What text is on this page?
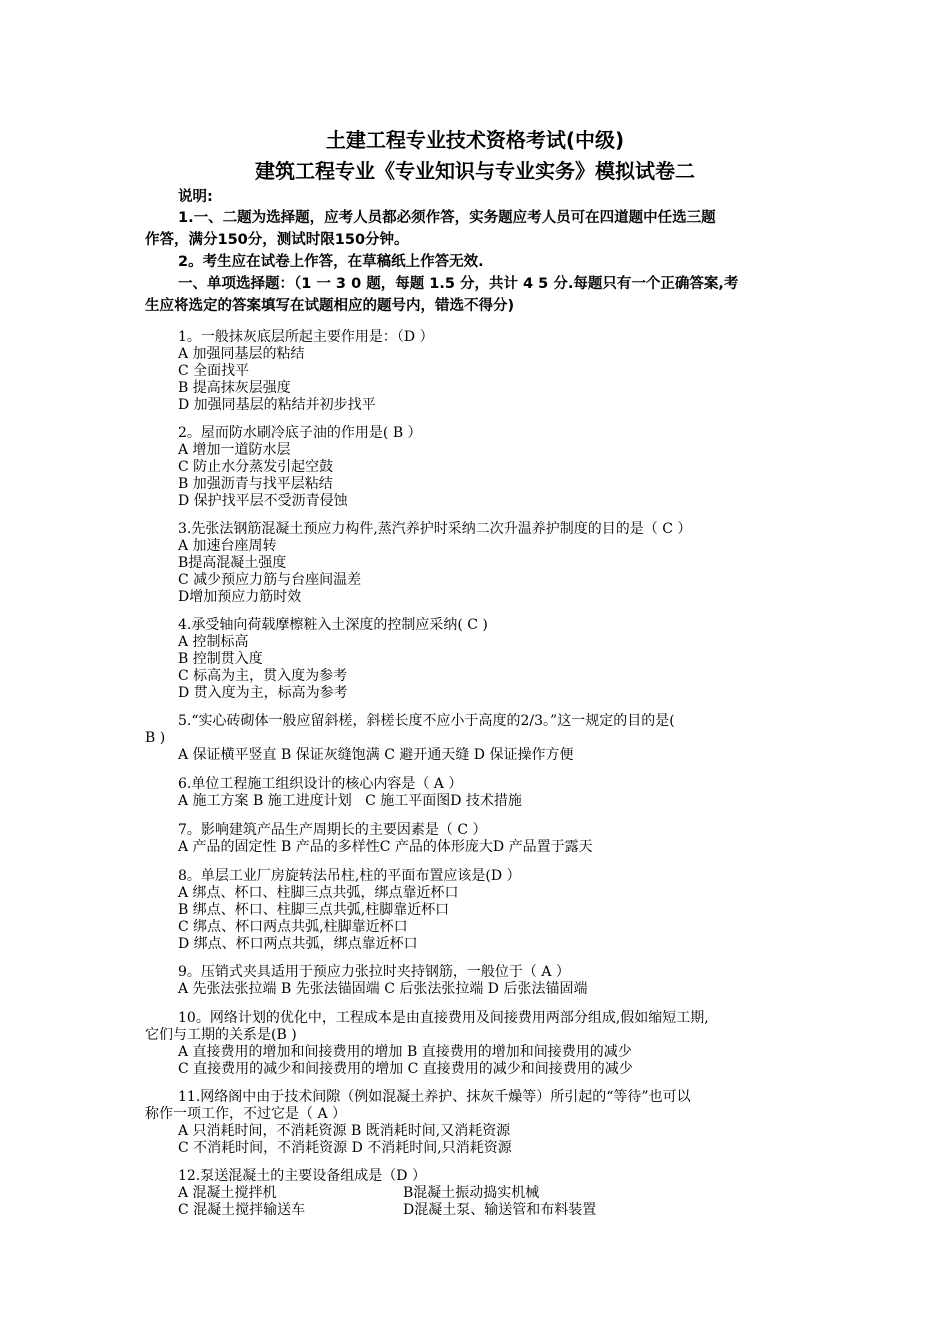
土建工程专业技术资格考试(中级)
建筑工程专业《专业知识与专业实务》模拟试卷二
说明:
1.一、二题为选择题，应考人员都必须作答，实务题应考人员可在四道题中任选三题
作答，满分150分，测试时限150分钟。
2。考生应在试卷上作答，在草稿纸上作答无效.
一、单项选择题：（1 一 3 0 题，每题 1.5 分，共计 4 5 分.每题只有一个正确答案,考
生应将选定的答案填写在试题相应的题号内，错选不得分)
1。一般抹灰底层所起主要作用是：（D ）
A 加强同基层的粘结
C 全面找平
B 提高抹灰层强度
D 加强同基层的粘结并初步找平
2。屋而防水刷冷底子油的作用是( B ）
A 增加一道防水层
C 防止水分蒸发引起空鼓
B 加强沥青与找平层粘结
D 保护找平层不受沥青侵蚀
3.先张法钢筋混凝土预应力构件,蒸汽养护时采纳二次升温养护制度的目的是（ C ）
A 加速台座周转
B提高混凝土强度
C 减少预应力筋与台座间温差
D增加预应力筋时效
4.承受轴向荷载摩檫粧入土深度的控制应采纳( C )
A 控制标高
B 控制贯入度
C 标高为主，贯入度为参考
D 贯入度为主，标高为参考
5.“实心砖砌体一般应留斜槎，斜槎长度不应小于高度的2/3。”这一规定的目的是(
B )
A 保证横平竖直 B 保证灰缝饱满 C 避开通天缝 D 保证操作方便
6.单位工程施工组织设计的核心内容是（ A ）
A 施工方案 B 施工进度计划   C 施工平面图D 技术措施
7。影响建筑产品生产周期长的主要因素是（ C ）
A 产品的固定性 B 产品的多样性C 产品的体形庞大D 产品置于露天
8。单层工业厂房旋转法吊柱,柱的平面布置应该是(D ）
A 绑点、杯口、柱脚三点共弧，绑点靠近杯口
B 绑点、杯口、柱脚三点共弧,柱脚靠近杯口
C 绑点、杯口两点共弧,柱脚靠近杯口
D 绑点、杯口两点共弧，绑点靠近杯口
9。压销式夹具适用于预应力张拉时夹持钢筋，一般位于（ A ）
A 先张法张拉端 B 先张法锚固端 C 后张法张拉端 D 后张法锚固端
10。网络计划的优化中，工程成本是由直接费用及间接费用两部分组成,假如缩短工期,
它们与工期的关系是(B )
A 直接费用的增加和间接费用的增加 B 直接费用的增加和间接费用的减少
C 直接费用的减少和间接费用的增加 C 直接费用的减少和间接费用的减少
11.网络阁中由于技术间隙（例如混凝土养护、抹灰千燥等）所引起的“等待”也可以
称作一项工作，不过它是（ A ）
A 只消耗时间，不消耗资源 B 既消耗时间,又消耗资源
C 不消耗时间，不消耗资源 D 不消耗时间,只消耗资源
12.泵送混凝土的主要设备组成是（D ）
A 混凝土搅拌机	B混凝土振动捣实机械
C 混凝土搅拌输送车	D混凝土泵、输送管和布料装置
